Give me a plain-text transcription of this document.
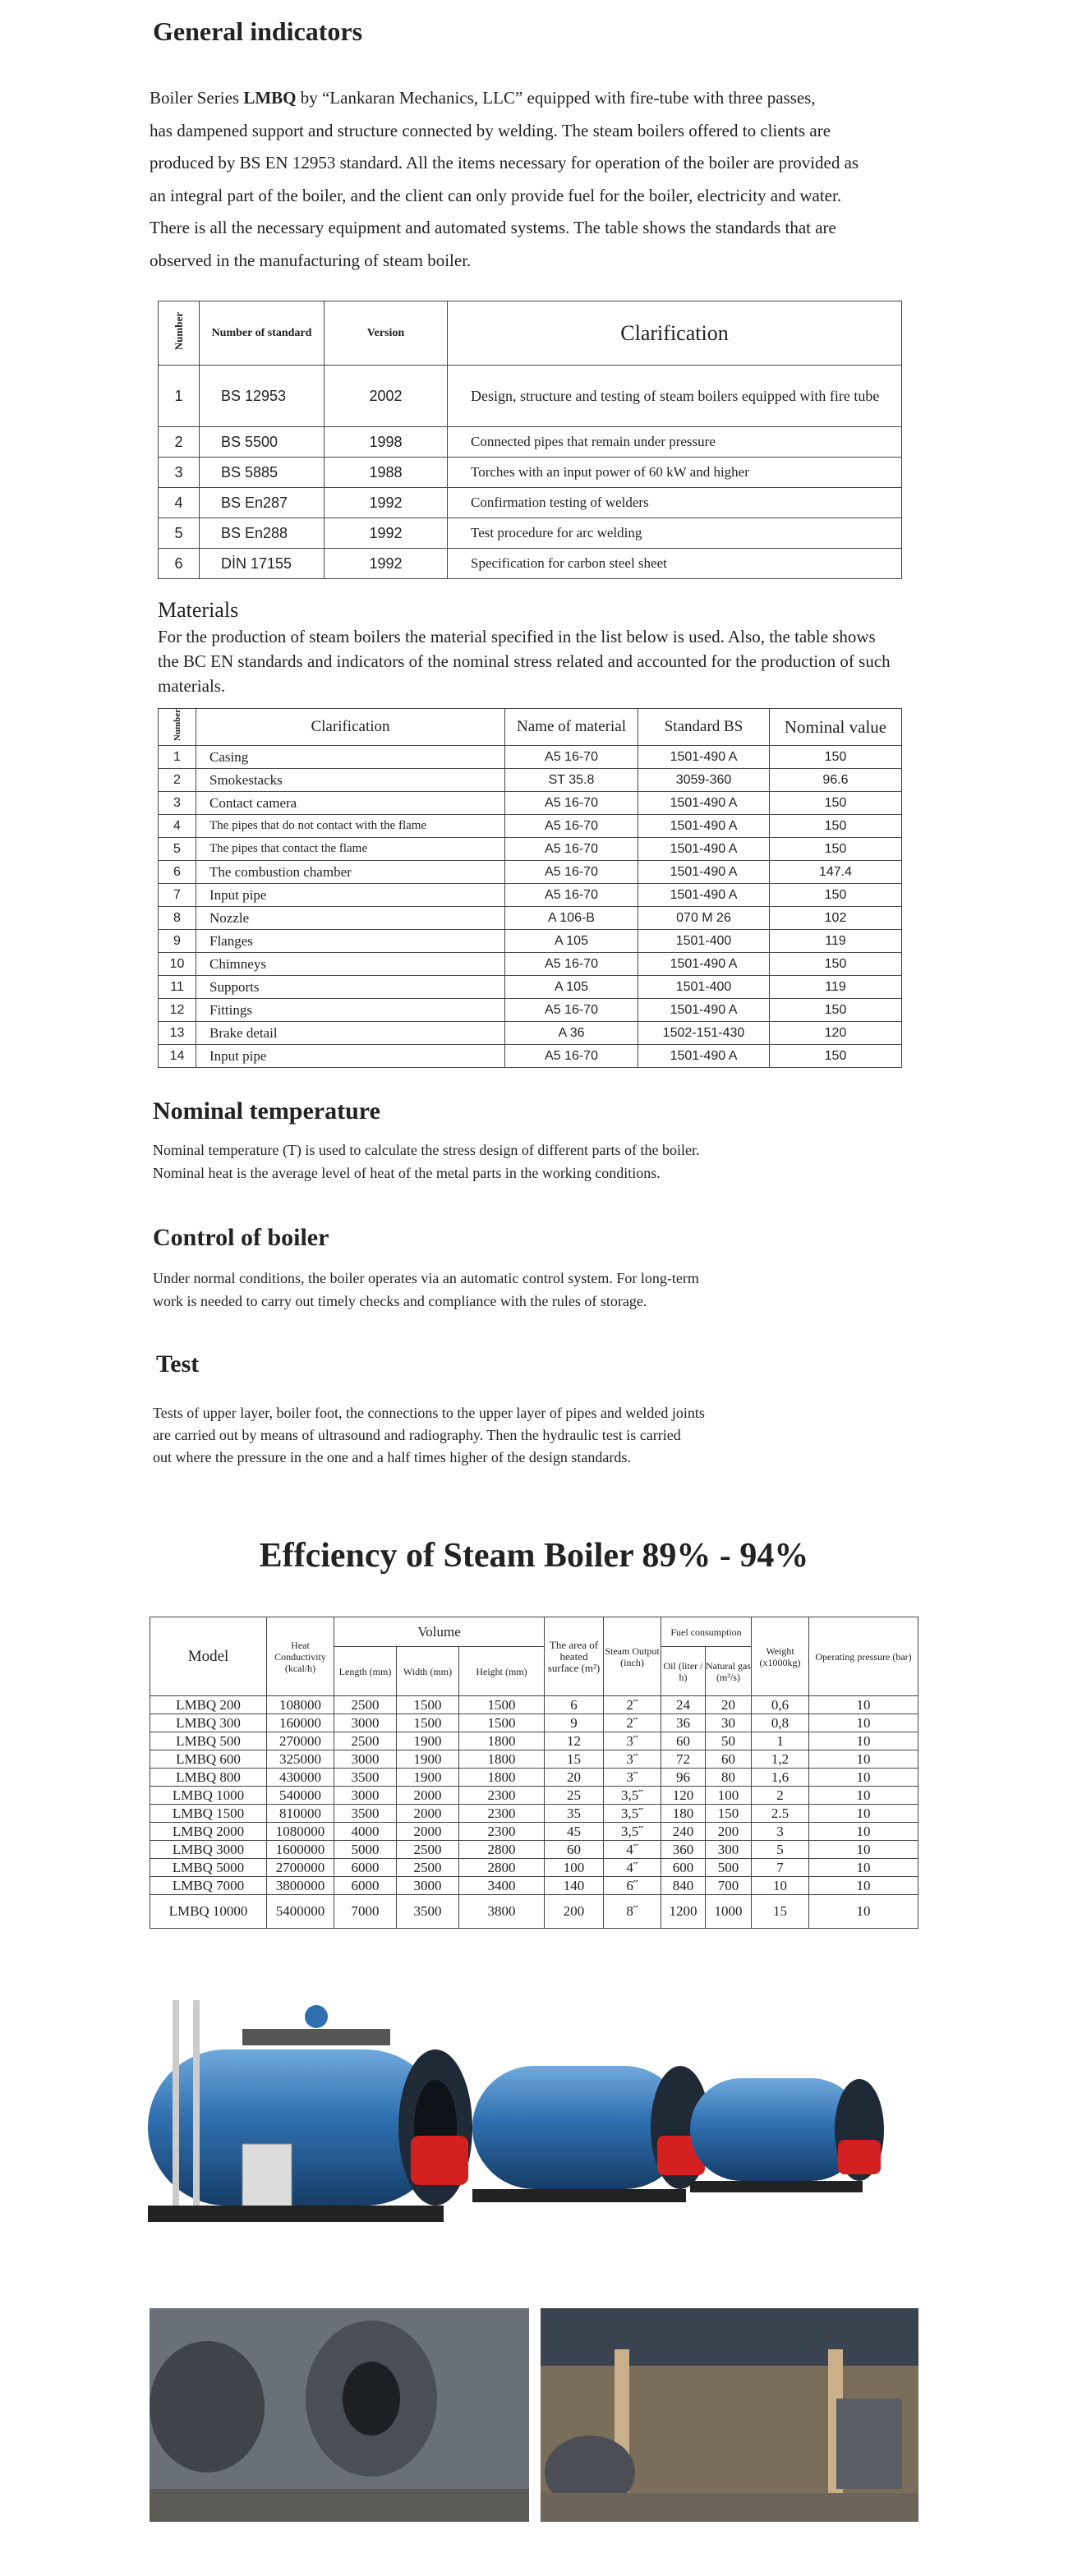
General indicators

Boiler Series LMBQ by “Lankaran Mechanics, LLC” equipped with fire-tube with three passes,

has dampened support and structure connected by welding. The steam boilers offered to clients are

produced by BS EN 12953 standard. All the items necessary for operation of the boiler are provided as

an integral part of the boiler, and the client can only provide fuel for the boiler, electricity and water.

There is all the necessary equipment and automated systems. The table shows the standards that are

observed in the manufacturing of steam boiler.

Number	Number of standard	Version	Clarification
1	BS 12953	2002	Design, structure and testing of steam boilers equipped with fire tube
2	BS 5500	1998	Connected pipes that remain under pressure
3	BS 5885	1988	Torches with an input power of 60 kW and higher
4	BS En287	1992	Confirmation testing of welders
5	BS En288	1992	Test procedure for arc welding
6	DİN 17155	1992	Specification for carbon steel sheet
Materials
For the production of steam boilers the material specified in the list below is used. Also, the table shows the BC EN standards and indicators of the nominal stress related and accounted for the production of such materials.
Number	Clarification	Name of material	Standard BS	Nominal value
1	Casing	A5 16-70	1501-490 A	150
2	Smokestacks	ST 35.8	3059-360	96.6
3	Contact camera	A5 16-70	1501-490 A	150
4	The pipes that do not contact with the flame	A5 16-70	1501-490 A	150
5	The pipes that contact the flame	A5 16-70	1501-490 A	150
6	The combustion chamber	A5 16-70	1501-490 A	147.4
7	Input pipe	A5 16-70	1501-490 A	150
8	Nozzle	A 106-B	070 M 26	102
9	Flanges	A 105	1501-400	119
10	Chimneys	A5 16-70	1501-490 A	150
11	Supports	A 105	1501-400	119
12	Fittings	A5 16-70	1501-490 A	150
13	Brake detail	A 36	1502-151-430	120
14	Input pipe	A5 16-70	1501-490 A	150
Nominal temperature
Nominal temperature (T) is used to calculate the stress design of different parts of the boiler.
Nominal heat is the average level of heat of the metal parts in the working conditions.
Control of boiler
Under normal conditions, the boiler operates via an automatic control system. For long-term
work is needed to carry out timely checks and compliance with the rules of storage.
Test
Tests of upper layer, boiler foot, the connections to the upper layer of pipes and welded joints
are carried out by means of ultrasound and radiography. Then the hydraulic test is carried
out where the pressure in the one and a half times higher of the design standards.
Effciency of Steam Boiler 89% - 94%
Model	Heat Conductivity (kcal/h)	Volume			The area of heated surface (m²)	Steam Output (inch)	Fuel consumption		Weight (x1000kg)	Operating pressure (bar)
		Length (mm)	Width (mm)	Height (mm)			Oil (liter / h)	Natural gas (m³/s)		
LMBQ 200	108000	2500	1500	1500	6	2˝	24	20	0,6	10
LMBQ 300	160000	3000	1500	1500	9	2˝	36	30	0,8	10
LMBQ 500	270000	2500	1900	1800	12	3˝	60	50	1	10
LMBQ 600	325000	3000	1900	1800	15	3˝	72	60	1,2	10
LMBQ 800	430000	3500	1900	1800	20	3˝	96	80	1,6	10
LMBQ 1000	540000	3000	2000	2300	25	3,5˝	120	100	2	10
LMBQ 1500	810000	3500	2000	2300	35	3,5˝	180	150	2.5	10
LMBQ 2000	1080000	4000	2000	2300	45	3,5˝	240	200	3	10
LMBQ 3000	1600000	5000	2500	2800	60	4˝	360	300	5	10
LMBQ 5000	2700000	6000	2500	2800	100	4˝	600	500	7	10
LMBQ 7000	3800000	6000	3000	3400	140	6˝	840	700	10	10
LMBQ 10000	5400000	7000	3500	3800	200	8˝	1200	1000	15	10
